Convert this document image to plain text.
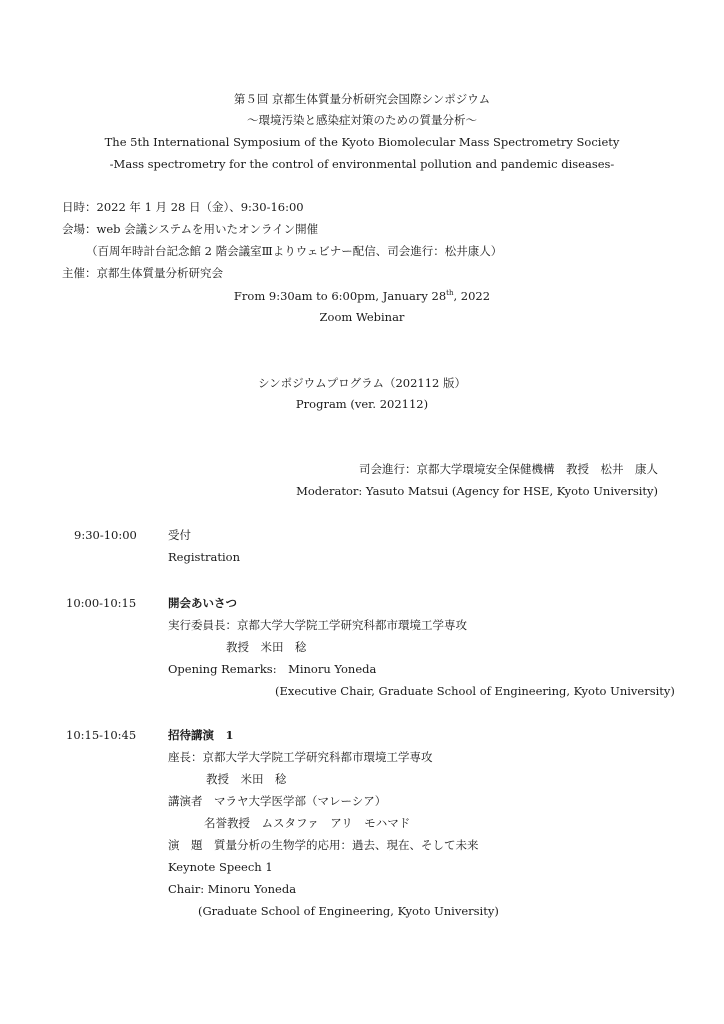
第５回 京都生体質量分析研究会国際シンポジウム
〜環境汚染と感染症対策のための質量分析〜
The 5th International Symposium of the Kyoto Biomolecular Mass Spectrometry Society
-Mass spectrometry for the control of environmental pollution and pandemic diseases-
日時：2022 年 1 月 28 日（金）、9:30-16:00
会場：web 会議システムを用いたオンライン開催
（百周年時計台記念館 2 階会議室Ⅲよりウェビナー配信、司会進行：松井康人）
主催：京都生体質量分析研究会
From 9:30am to 6:00pm, January 28th, 2022
Zoom Webinar
シンポジウムプログラム（202112 版）
Program (ver. 202112)
司会進行：京都大学環境安全保健機構　教授　松井　康人
Moderator: Yasuto Matsui (Agency for HSE, Kyoto University)
9:30-10:00	受付
Registration
10:00-10:15	開会あいさつ
実行委員長：京都大学大学院工学研究科都市環境工学専攻
教授　米田　稔
Opening Remarks:　Minoru Yoneda
(Executive Chair, Graduate School of Engineering, Kyoto University)
10:15-10:45	招待講演　1
座長：京都大学大学院工学研究科都市環境工学専攻
教授　米田　稔
講演者　マラヤ大学医学部（マレーシア）
名誉教授　ムスタファ　アリ　モハマド
演　題　質量分析の生物学的応用：過去、現在、そして未来
Keynote Speech 1
Chair: Minoru Yoneda
(Graduate School of Engineering, Kyoto University)
